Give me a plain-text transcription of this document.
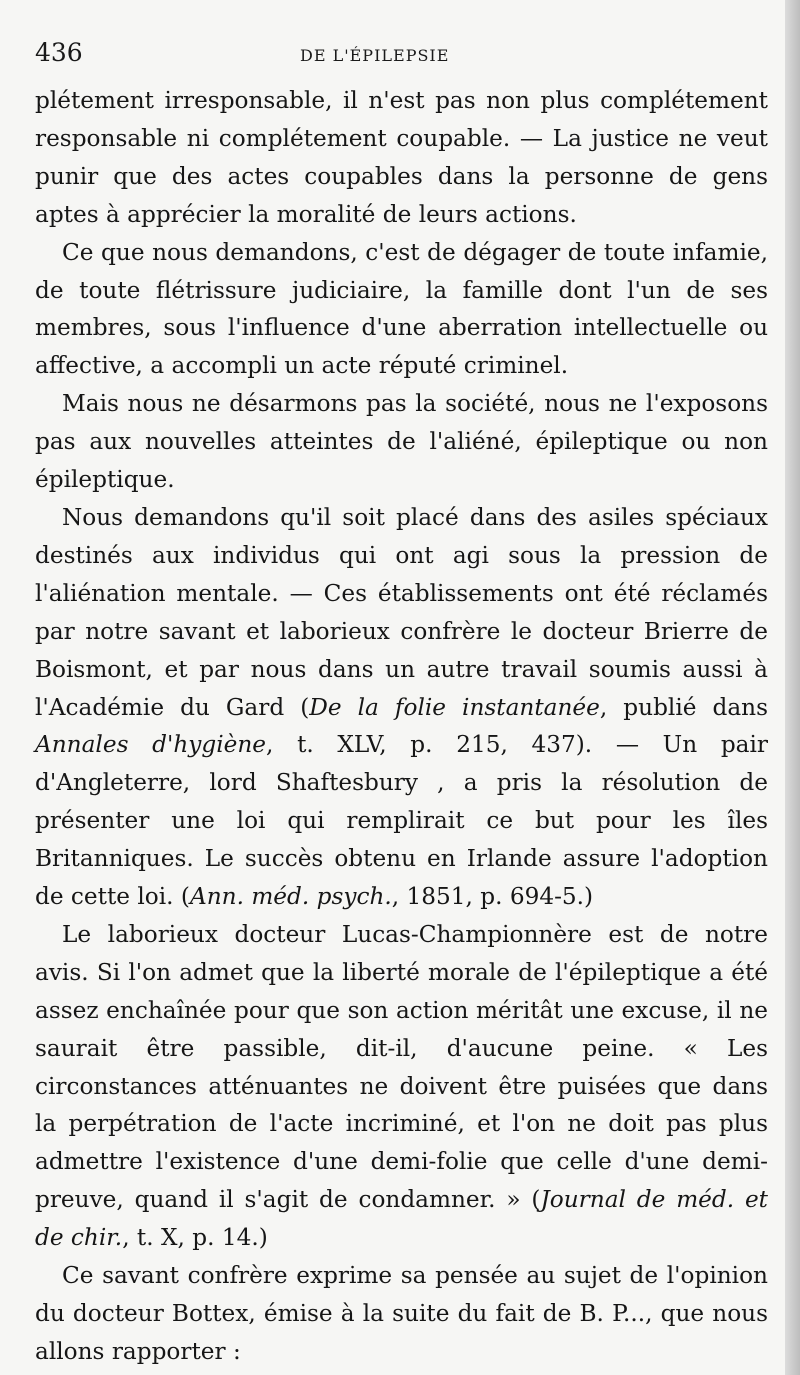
436	DE L'ÉPILEPSIE

plétement irresponsable, il n'est pas non plus complétement responsable ni complétement coupable. — La justice ne veut punir que des actes coupables dans la personne de gens aptes à apprécier la moralité de leurs actions.

Ce que nous demandons, c'est de dégager de toute infamie, de toute flétrissure judiciaire, la famille dont l'un de ses membres, sous l'influence d'une aberration intellectuelle ou affective, a accompli un acte réputé criminel.

Mais nous ne désarmons pas la société, nous ne l'exposons pas aux nouvelles atteintes de l'aliéné, épileptique ou non épileptique.

Nous demandons qu'il soit placé dans des asiles spéciaux destinés aux individus qui ont agi sous la pression de l'aliénation mentale. — Ces établissements ont été réclamés par notre savant et laborieux confrère le docteur Brierre de Boismont, et par nous dans un autre travail soumis aussi à l'Académie du Gard (De la folie instantanée, publié dans Annales d'hygiène, t. XLV, p. 215, 437). — Un pair d'Angleterre, lord Shaftesbury , a pris la résolution de présenter une loi qui remplirait ce but pour les îles Britanniques. Le succès obtenu en Irlande assure l'adoption de cette loi. (Ann. méd. psych., 1851, p. 694-5.)

Le laborieux docteur Lucas-Championnère est de notre avis. Si l'on admet que la liberté morale de l'épileptique a été assez enchaînée pour que son action méritât une excuse, il ne saurait être passible, dit-il, d'aucune peine. « Les circonstances atténuantes ne doivent être puisées que dans la perpétration de l'acte incriminé, et l'on ne doit pas plus admettre l'existence d'une demi-folie que celle d'une demi-preuve, quand il s'agit de condamner. » (Journal de méd. et de chir., t. X, p. 14.)

Ce savant confrère exprime sa pensée au sujet de l'opinion du docteur Bottex, émise à la suite du fait de B. P..., que nous allons rapporter :
